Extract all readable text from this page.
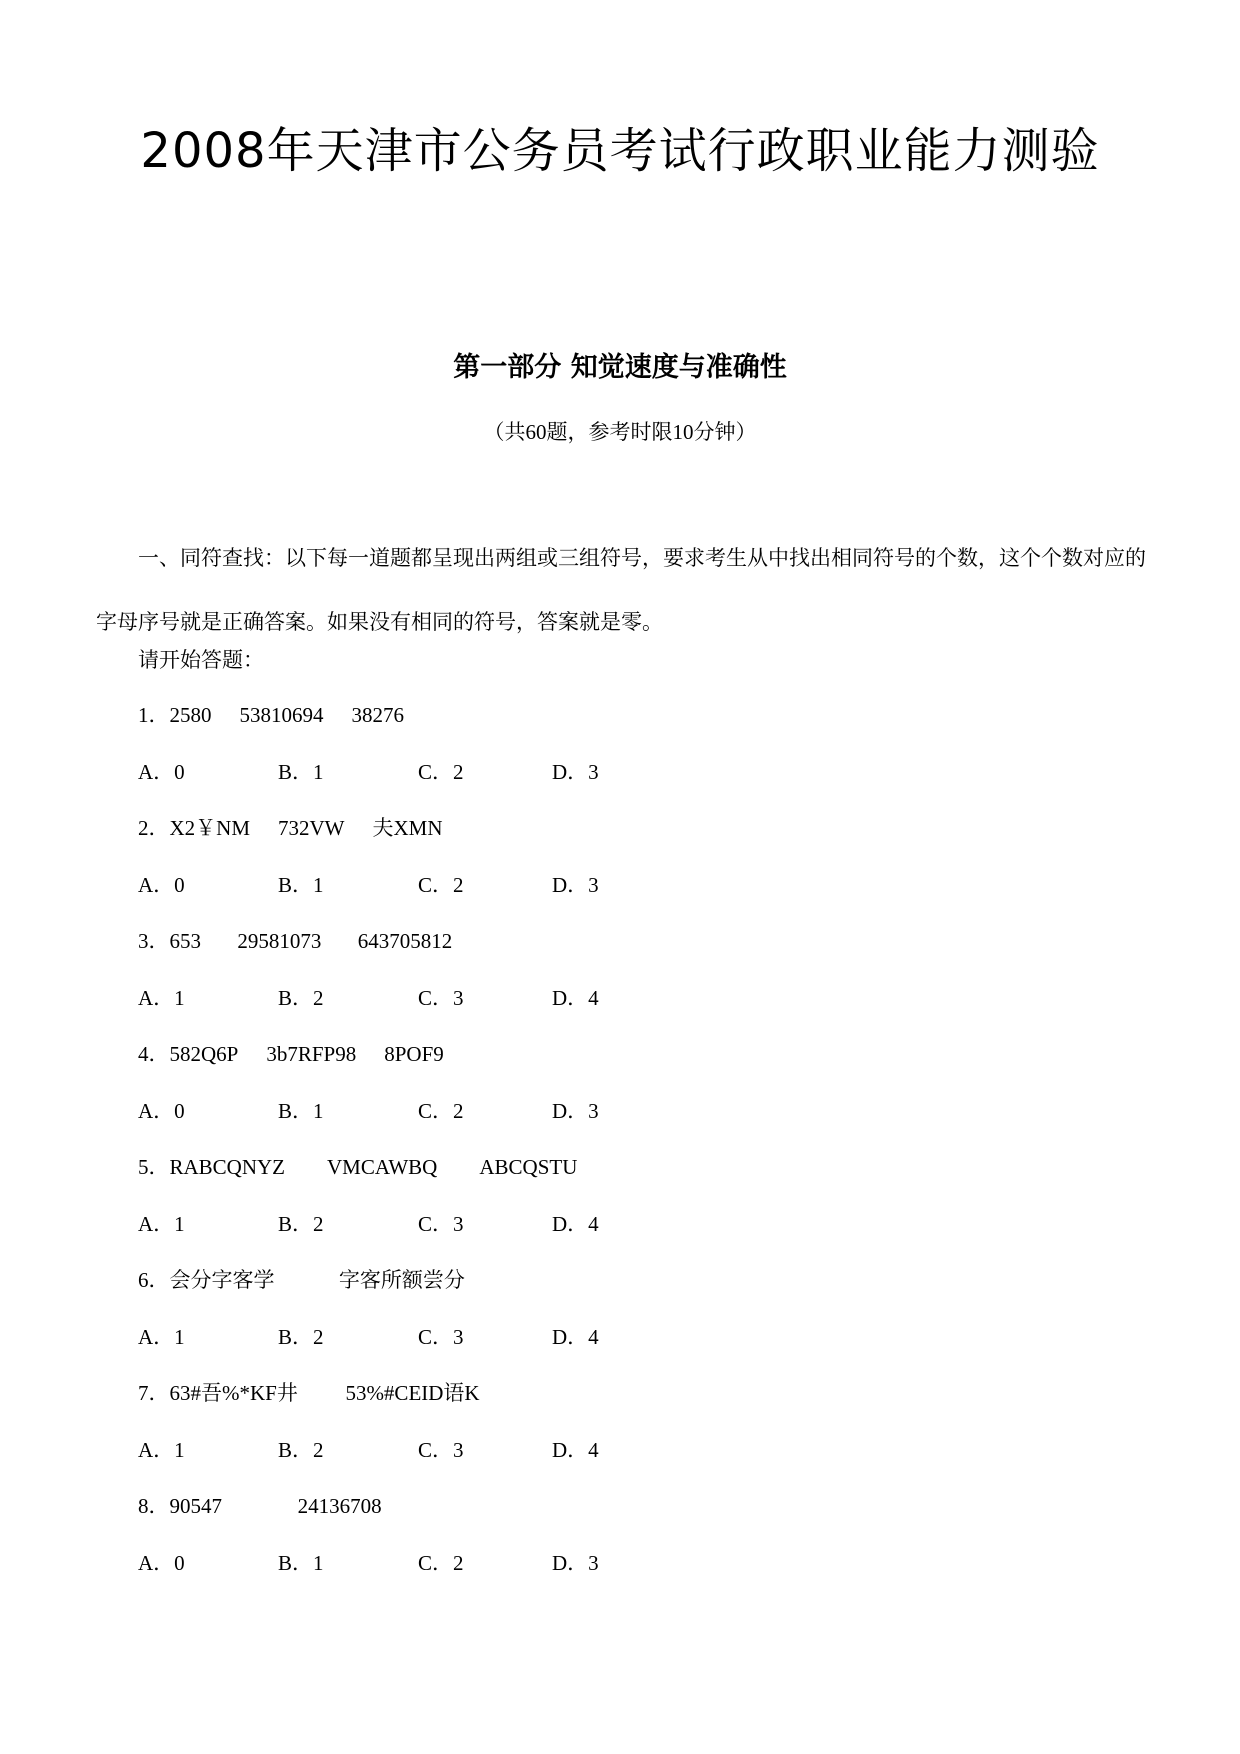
2008年天津市公务员考试行政职业能力测验
第一部分 知觉速度与准确性
（共60题，参考时限10分钟）

一、同符查找：以下每一道题都呈现出两组或三组符号，要求考生从中找出相同符号的个数，这个个数对应的字母序号就是正确答案。如果没有相同的符号，答案就是零。

请开始答题：
1．2580 53810694 38276
A．0	B．1	C．2	D．3
2．X2￥NM 732VW 夫XMN
A．0	B．1	C．2	D．3
3．653 29581073 643705812
A．1	B．2	C．3	D．4
4．582Q6P 3b7RFP98 8POF9
A．0	B．1	C．2	D．3
5．RABCQNYZ VMCAWBQ ABCQSTU
A．1	B．2	C．3	D．4
6．会分字客学	字客所额尝分
A．1	B．2	C．3	D．4
7．63#吾%*KF井 53%#CEID语K
A．1	B．2	C．3	D．4
8．90547	24136708
A．0	B．1	C．2	D．3
